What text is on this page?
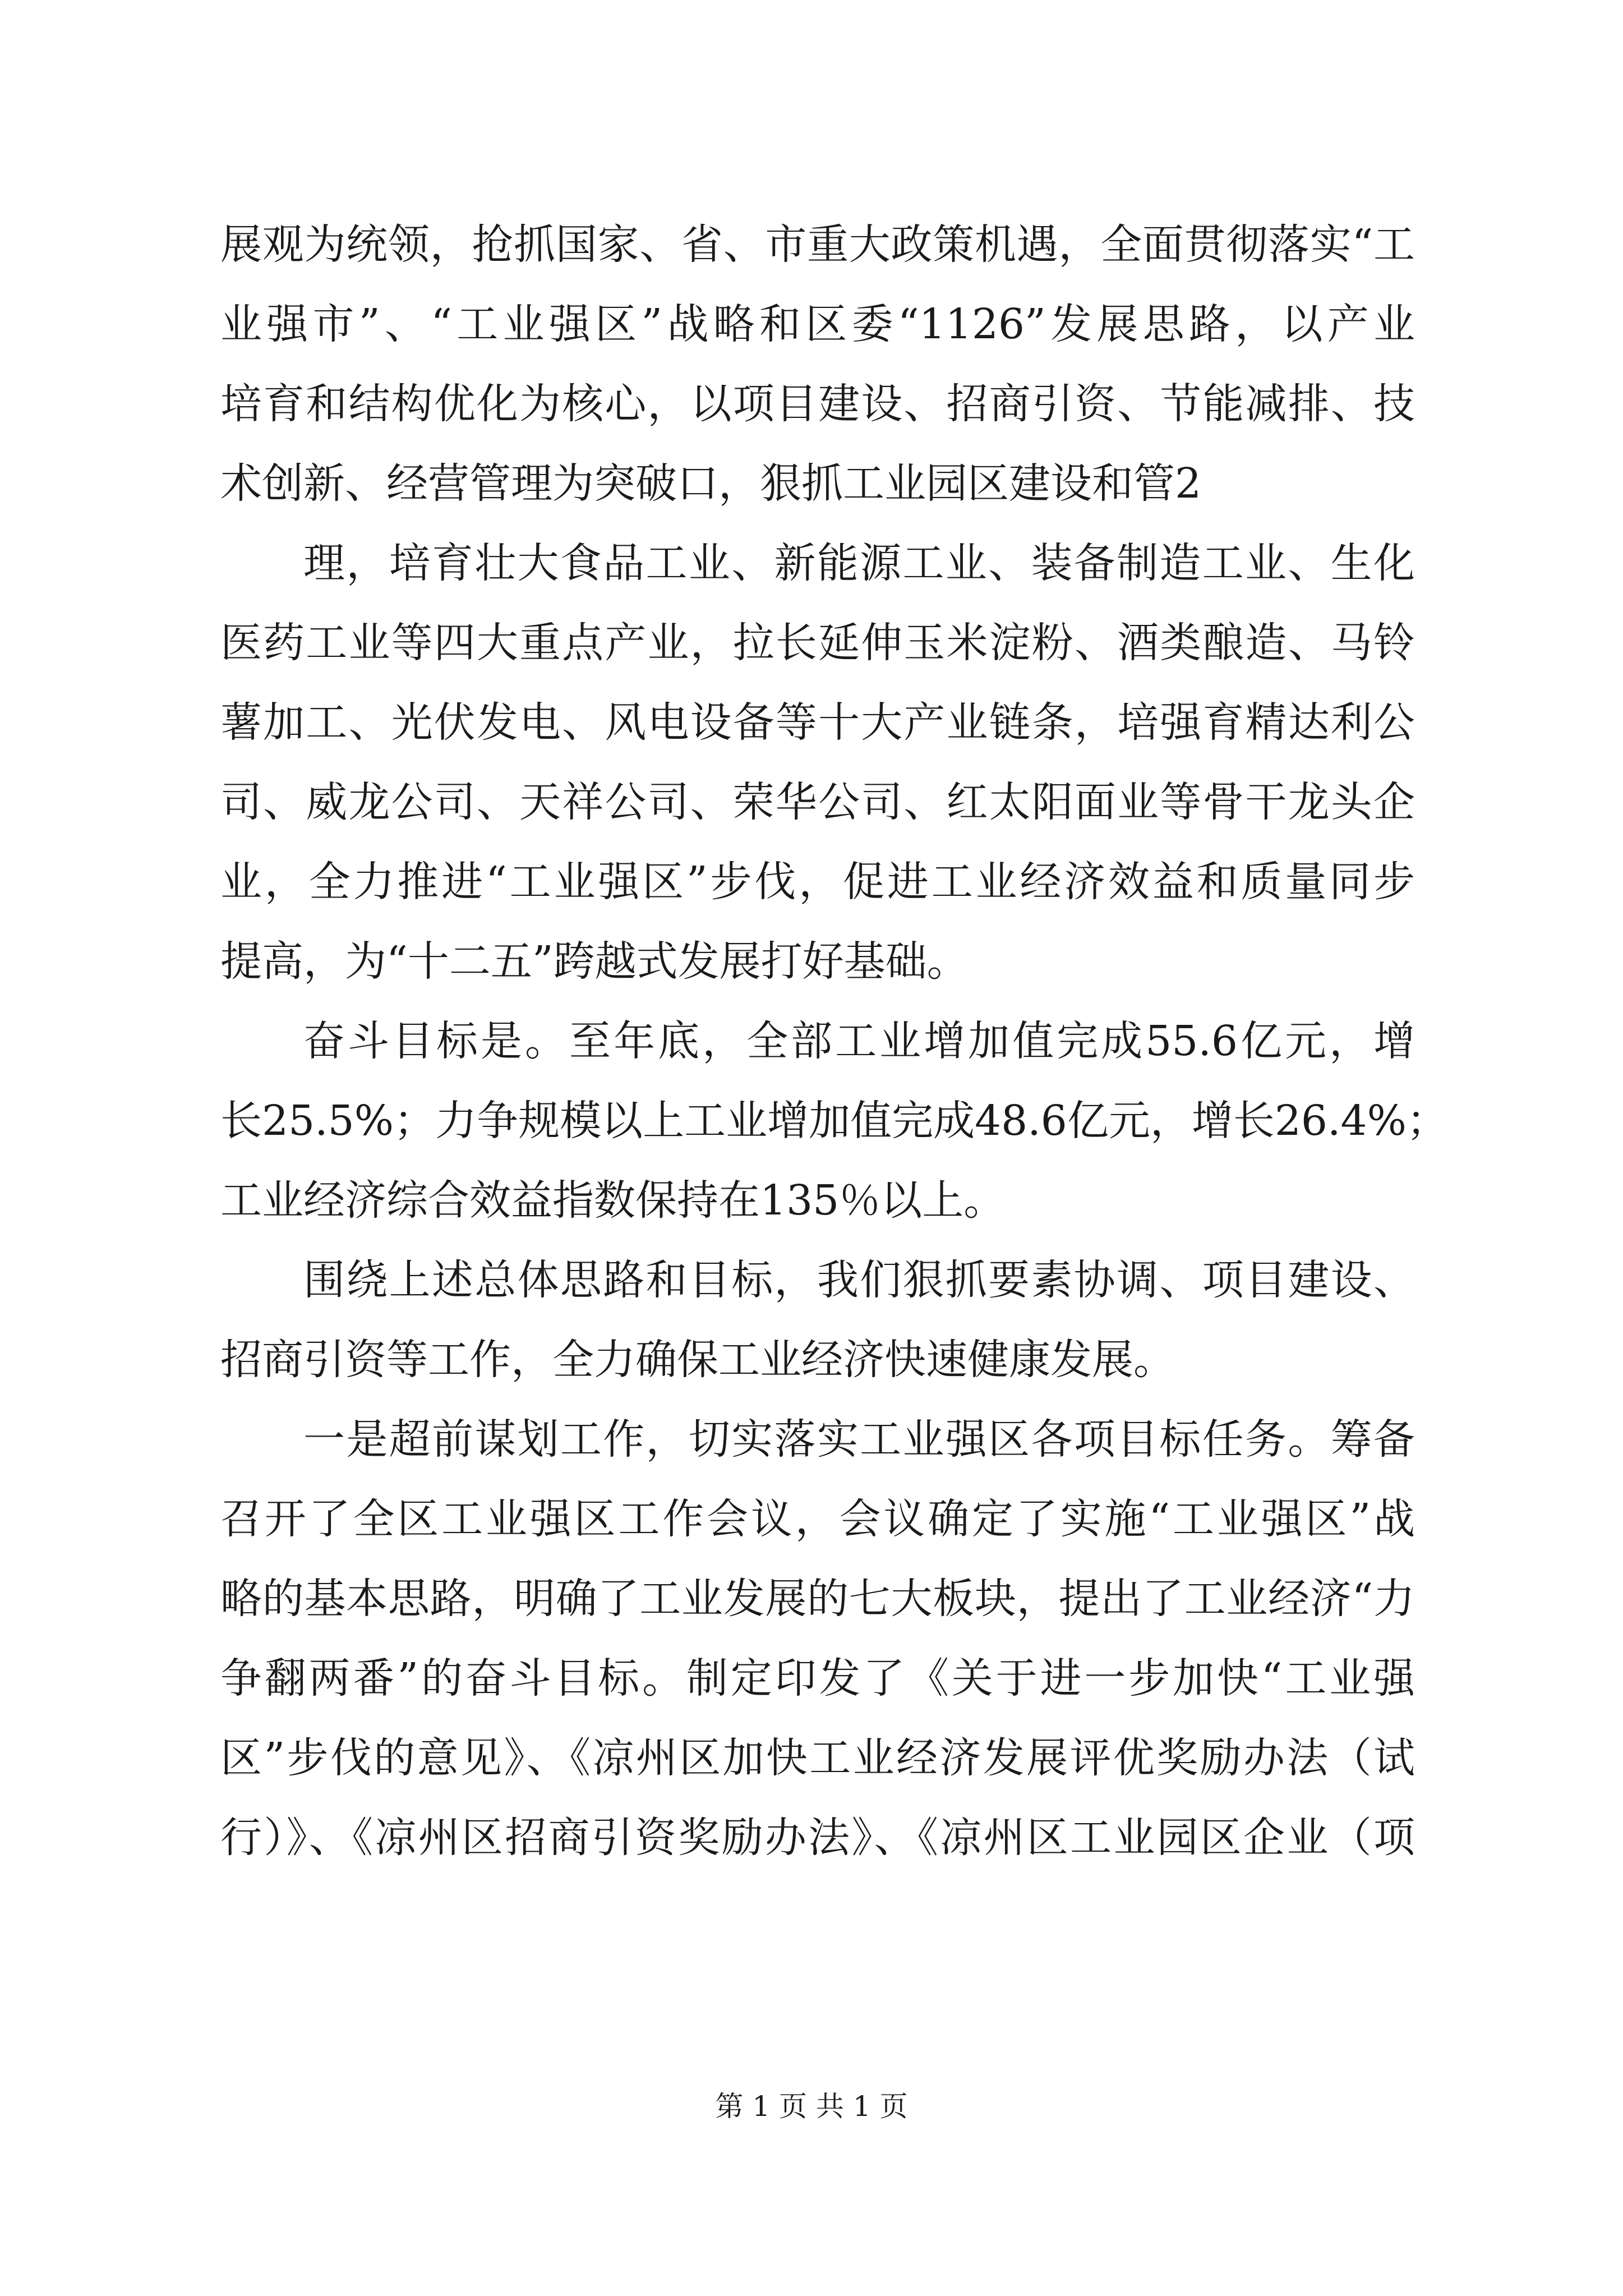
展观为统领，抢抓国家、省、市重大政策机遇，全面贯彻落实“工
业强市”、“工业强区”战略和区委“1126”发展思路，以产业
培育和结构优化为核心，以项目建设、招商引资、节能减排、技
术创新、经营管理为突破口，狠抓工业园区建设和管2
理，培育壮大食品工业、新能源工业、装备制造工业、生化
医药工业等四大重点产业，拉长延伸玉米淀粉、酒类酿造、马铃
薯加工、光伏发电、风电设备等十大产业链条，培强育精达利公
司、威龙公司、天祥公司、荣华公司、红太阳面业等骨干龙头企
业，全力推进“工业强区”步伐，促进工业经济效益和质量同步
提高，为“十二五”跨越式发展打好基础。
奋斗目标是。至年底，全部工业增加值完成55.6亿元，增
长25.5%；力争规模以上工业增加值完成48.6亿元，增长26.4%；
工业经济综合效益指数保持在135％以上。
围绕上述总体思路和目标，我们狠抓要素协调、项目建设、
招商引资等工作，全力确保工业经济快速健康发展。
一是超前谋划工作，切实落实工业强区各项目标任务。筹备
召开了全区工业强区工作会议，会议确定了实施“工业强区”战
略的基本思路，明确了工业发展的七大板块，提出了工业经济“力
争翻两番”的奋斗目标。制定印发了《关于进一步加快“工业强
区”步伐的意见》、《凉州区加快工业经济发展评优奖励办法（试
行）》、《凉州区招商引资奖励办法》、《凉州区工业园区企业（项
第 1 页 共 1 页
